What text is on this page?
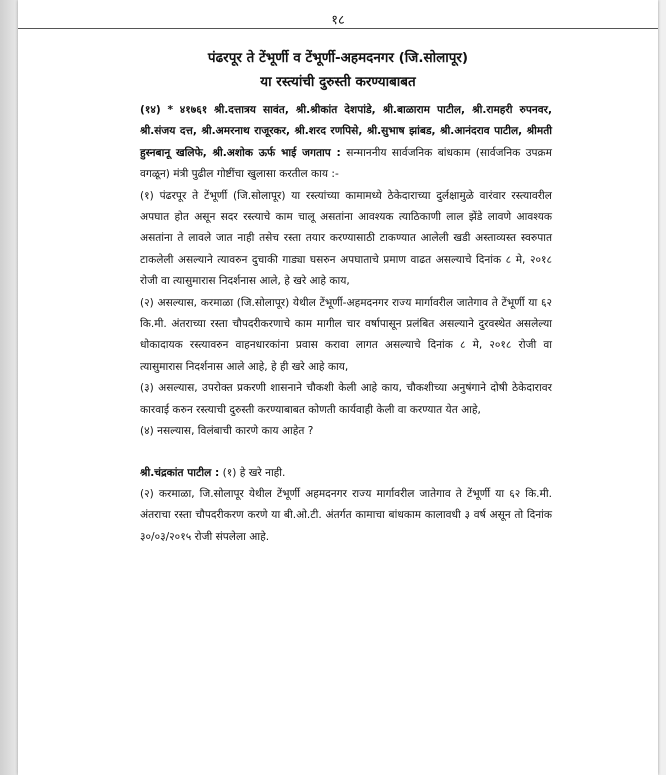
१८
पंढरपूर ते टेंभूर्णी व टेंभूर्णी-अहमदनगर (जि.सोलापूर)
या रस्त्यांची दुरुस्ती करण्याबाबत

(१४) * ४१७६१ श्री.दत्तात्रय सावंत, श्री.श्रीकांत देशपांडे, श्री.बाळाराम पाटील, श्री.रामहरी रुपनवर, श्री.संजय दत्त, श्री.अमरनाथ राजूरकर, श्री.शरद रणपिसे, श्री.सुभाष झांबड, श्री.आनंदराव पाटील, श्रीमती हुस्नबानू खलिफे, श्री.अशोक ऊर्फ भाई जगताप : सन्माननीय सार्वजनिक बांधकाम (सार्वजनिक उपक्रम वगळून) मंत्री पुढील गोष्टींचा खुलासा करतील काय :-

(१) पंढरपूर ते टेंभूर्णी (जि.सोलापूर) या रस्त्यांच्या कामामध्ये ठेकेदाराच्या दुर्लक्षामुळे वारंवार रस्त्यावरील अपघात होत असून सदर रस्त्याचे काम चालू असतांना आवश्यक त्याठिकाणी लाल झेंडे लावणे आवश्यक असतांना ते लावले जात नाही तसेच रस्ता तयार करण्यासाठी टाकण्यात आलेली खडी अस्ताव्यस्त स्वरुपात टाकलेली असल्याने त्यावरुन दुचाकी गाड्या घसरुन अपघाताचे प्रमाण वाढत असल्याचे दिनांक ८ मे, २०१८ रोजी वा त्यासुमारास निदर्शनास आले, हे खरे आहे काय,

(२) असल्यास, करमाळा (जि.सोलापूर) येथील टेंभूर्णी-अहमदनगर राज्य मार्गावरील जातेगाव ते टेंभूर्णी या ६२ कि.मी. अंतराच्या रस्ता चौपदरीकरणाचे काम मागील चार वर्षापासून प्रलंबित असल्याने दुरवस्थेत असलेल्या धोकादायक रस्त्यावरुन वाहनधारकांना प्रवास करावा लागत असल्याचे दिनांक ८ मे, २०१८ रोजी वा त्यासुमारास निदर्शनास आले आहे, हे ही खरे आहे काय,

(३) असल्यास, उपरोक्त प्रकरणी शासनाने चौकशी केली आहे काय, चौकशीच्या अनुषंगाने दोषी ठेकेदारावर कारवाई करुन रस्त्याची दुरुस्ती करण्याबाबत कोणती कार्यवाही केली वा करण्यात येत आहे,

(४) नसल्यास, विलंबाची कारणे काय आहेत ?

श्री.चंद्रकांत पाटील : (१) हे खरे नाही.

(२) करमाळा, जि.सोलापूर येथील टेंभूर्णी अहमदनगर राज्य मार्गावरील जातेगाव ते टेंभूर्णी या ६२ कि.मी. अंतराचा रस्ता चौपदरीकरण करणे या बी.ओ.टी. अंतर्गत कामाचा बांधकाम कालावधी ३ वर्ष असून तो दिनांक ३०/०३/२०१५ रोजी संपलेला आहे.
